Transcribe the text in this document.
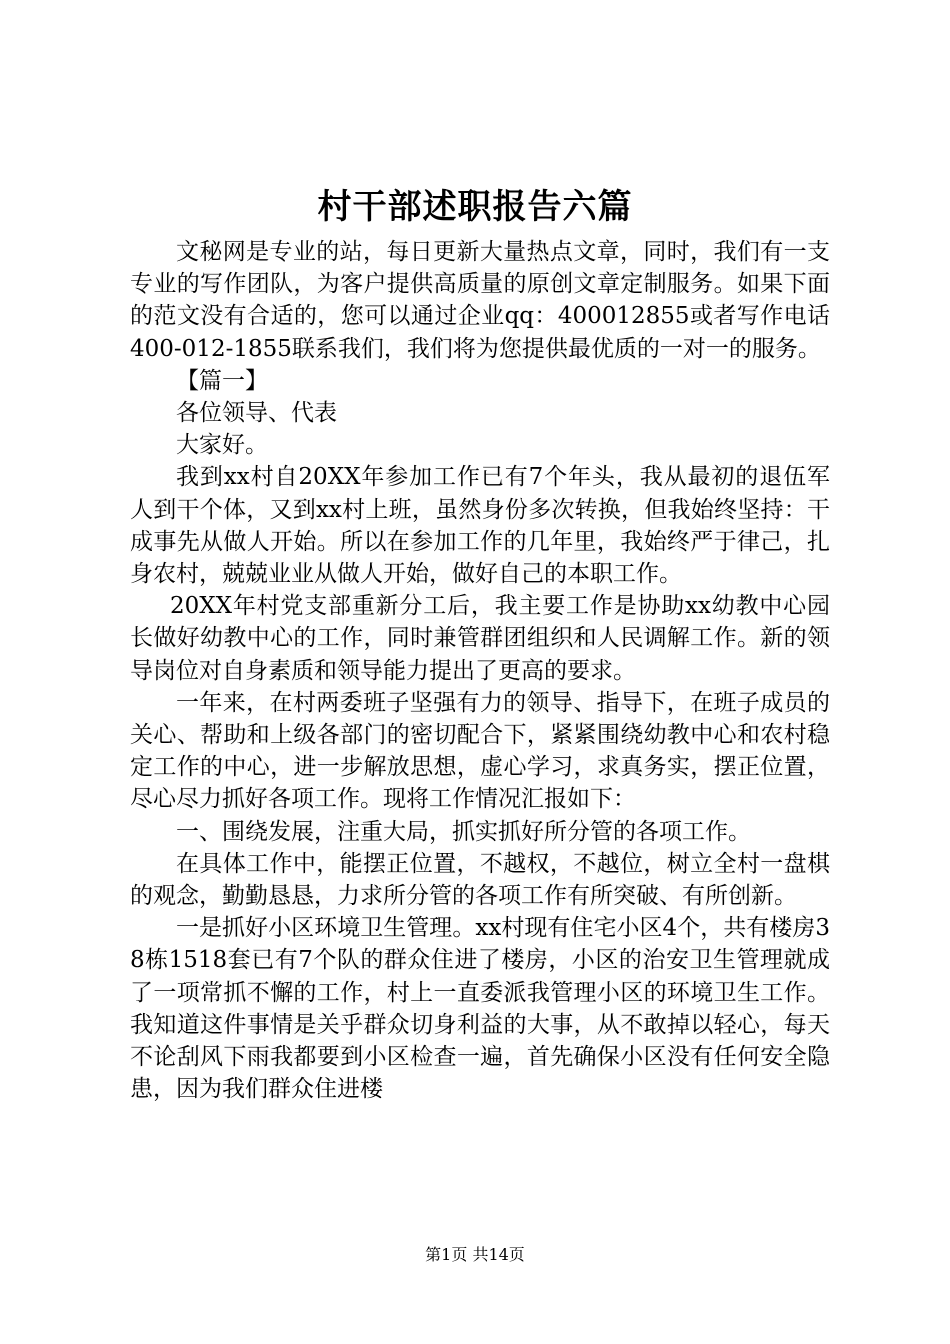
村干部述职报告六篇

文秘网是专业的站，每日更新大量热点文章，同时，我们有一支专业的写作团队，为客户提供高质量的原创文章定制服务。如果下面的范文没有合适的，您可以通过企业qq：400012855或者写作电话400-012-1855联系我们，我们将为您提供最优质的一对一的服务。

【篇一】

各位领导、代表

大家好。

我到xx村自20XX年参加工作已有7个年头，我从最初的退伍军人到干个体，又到xx村上班，虽然身份多次转换，但我始终坚持：干成事先从做人开始。所以在参加工作的几年里，我始终严于律己，扎身农村，兢兢业业从做人开始，做好自己的本职工作。

20XX年村党支部重新分工后，我主要工作是协助xx幼教中心园长做好幼教中心的工作，同时兼管群团组织和人民调解工作。新的领导岗位对自身素质和领导能力提出了更高的要求。

一年来，在村两委班子坚强有力的领导、指导下，在班子成员的关心、帮助和上级各部门的密切配合下，紧紧围绕幼教中心和农村稳定工作的中心，进一步解放思想，虚心学习，求真务实，摆正位置，尽心尽力抓好各项工作。现将工作情况汇报如下：

一、围绕发展，注重大局，抓实抓好所分管的各项工作。

在具体工作中，能摆正位置，不越权，不越位，树立全村一盘棋的观念，勤勤恳恳，力求所分管的各项工作有所突破、有所创新。

一是抓好小区环境卫生管理。xx村现有住宅小区4个，共有楼房38栋1518套已有7个队的群众住进了楼房，小区的治安卫生管理就成了一项常抓不懈的工作，村上一直委派我管理小区的环境卫生工作。我知道这件事情是关乎群众切身利益的大事，从不敢掉以轻心，每天不论刮风下雨我都要到小区检查一遍，首先确保小区没有任何安全隐患，因为我们群众住进楼

第1页 共14页
